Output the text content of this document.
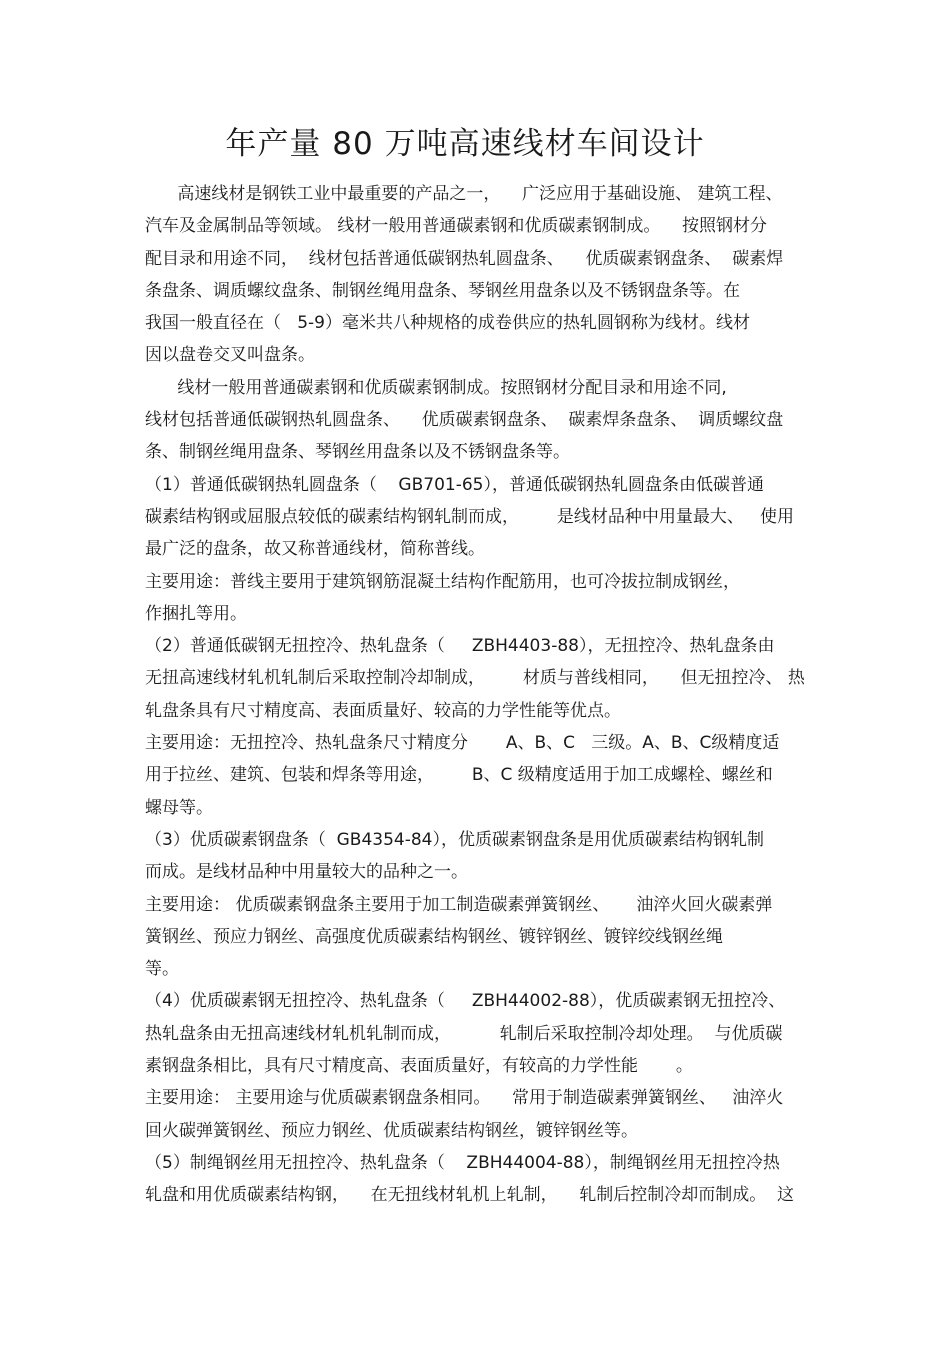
年产量 80 万吨高速线材车间设计
高速线材是钢铁工业中最重要的产品之一，    广泛应用于基础设施、 建筑工程、
汽车及金属制品等领域。 线材一般用普通碳素钢和优质碳素钢制成。    按照钢材分
配目录和用途不同，  线材包括普通低碳钢热轧圆盘条、    优质碳素钢盘条、  碳素焊
条盘条、调质螺纹盘条、制钢丝绳用盘条、琴钢丝用盘条以及不锈钢盘条等。在
我国一般直径在（   5-9）毫米共八种规格的成卷供应的热轧圆钢称为线材。线材
因以盘卷交叉叫盘条。
线材一般用普通碳素钢和优质碳素钢制成。按照钢材分配目录和用途不同,
线材包括普通低碳钢热轧圆盘条、    优质碳素钢盘条、  碳素焊条盘条、  调质螺纹盘
条、制钢丝绳用盘条、琴钢丝用盘条以及不锈钢盘条等。
（1）普通低碳钢热轧圆盘条（    GB701-65），普通低碳钢热轧圆盘条由低碳普通
碳素结构钢或屈服点较低的碳素结构钢轧制而成，       是线材品种中用量最大、   使用
最广泛的盘条，故又称普通线材，简称普线。
主要用途：普线主要用于建筑钢筋混凝土结构作配筋用，也可冷拔拉制成钢丝，
作捆扎等用。
（2）普通低碳钢无扭控冷、热轧盘条（     ZBH4403-88），无扭控冷、热轧盘条由
无扭高速线材轧机轧制后采取控制冷却制成，       材质与普线相同，    但无扭控冷、 热
轧盘条具有尺寸精度高、表面质量好、较高的力学性能等优点。
主要用途：无扭控冷、热轧盘条尺寸精度分       A、B、C   三级。A、B、C级精度适
用于拉丝、建筑、包装和焊条等用途，       B、C 级精度适用于加工成螺栓、螺丝和
螺母等。
（3）优质碳素钢盘条（  GB4354-84），优质碳素钢盘条是用优质碳素结构钢轧制
而成。是线材品种中用量较大的品种之一。
主要用途： 优质碳素钢盘条主要用于加工制造碳素弹簧钢丝、     油淬火回火碳素弹
簧钢丝、预应力钢丝、高强度优质碳素结构钢丝、镀锌钢丝、镀锌绞线钢丝绳
等。
（4）优质碳素钢无扭控冷、热轧盘条（     ZBH44002-88），优质碳素钢无扭控冷、
热轧盘条由无扭高速线材轧机轧制而成，         轧制后采取控制冷却处理。  与优质碳
素钢盘条相比，具有尺寸精度高、表面质量好，有较高的力学性能       。
主要用途： 主要用途与优质碳素钢盘条相同。    常用于制造碳素弹簧钢丝、   油淬火
回火碳弹簧钢丝、预应力钢丝、优质碳素结构钢丝，镀锌钢丝等。
（5）制绳钢丝用无扭控冷、热轧盘条（    ZBH44004-88），制绳钢丝用无扭控冷热
轧盘和用优质碳素结构钢，    在无扭线材轧机上轧制，    轧制后控制冷却而制成。  这
